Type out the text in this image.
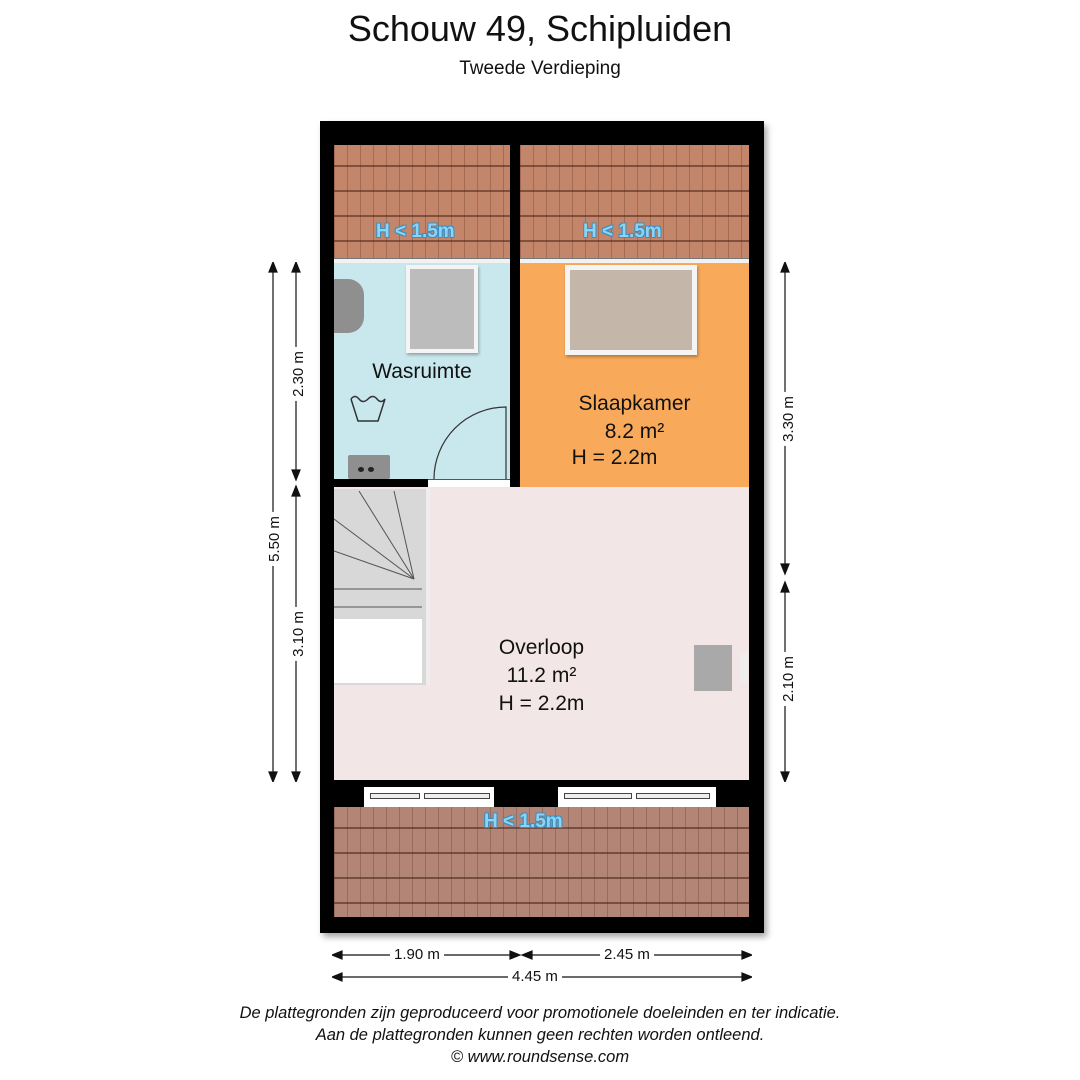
Schouw 49, Schipluiden
Tweede Verdieping
H < 1.5m	H < 1.5m
Wasruimte
Slaapkamer
8.2 m²
H = 2.2m
Overloop
11.2 m²
H = 2.2m
H < 1.5m
5.50 m
2.30 m
3.10 m
3.30 m
2.10 m
1.90 m	2.45 m
4.45 m
De plattegronden zijn geproduceerd voor promotionele doeleinden en ter indicatie.
Aan de plattegronden kunnen geen rechten worden ontleend.
© www.roundsense.com
